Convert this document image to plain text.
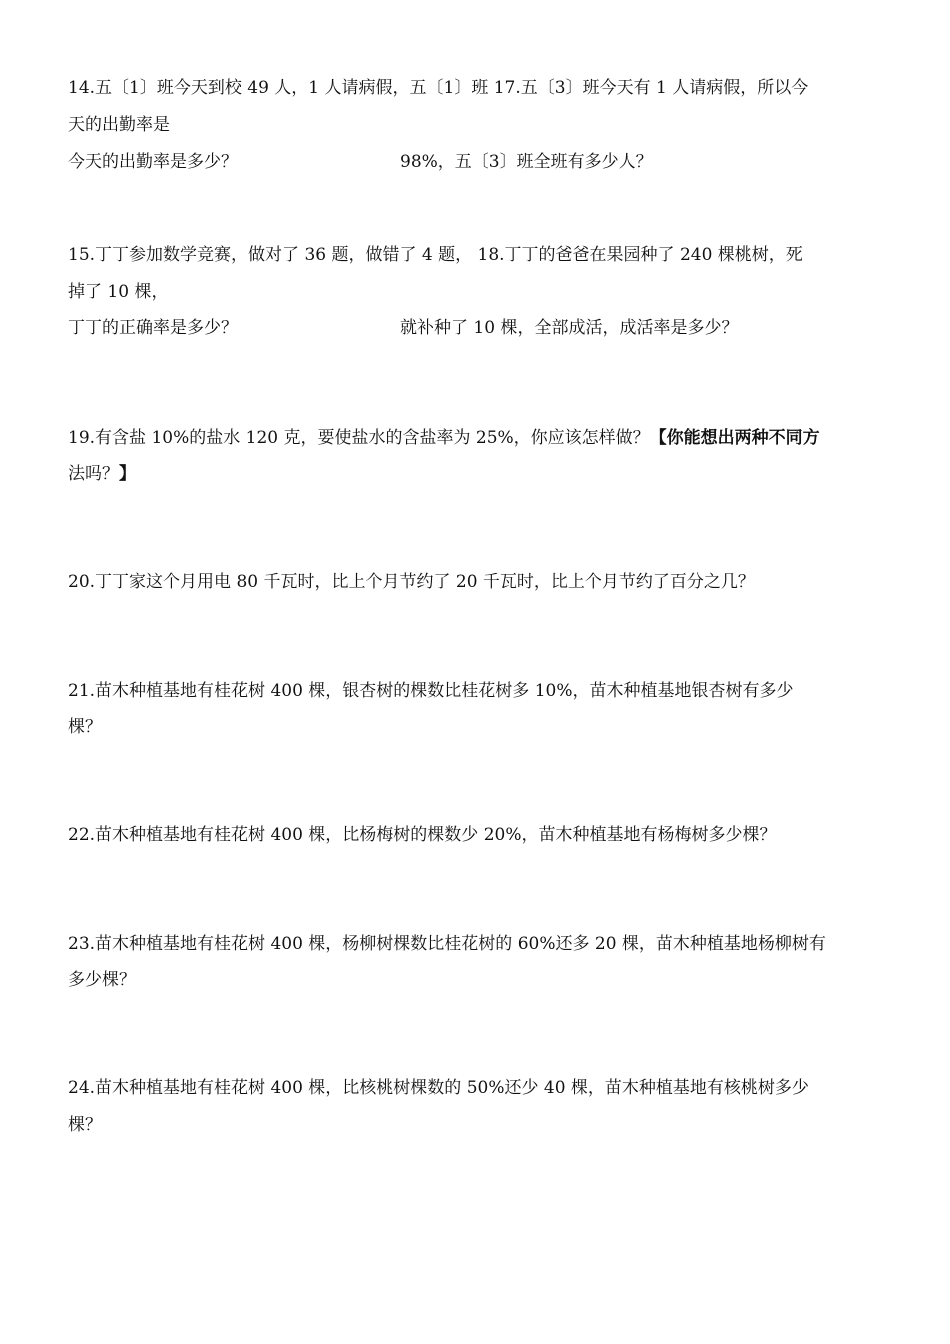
14.五〔1〕班今天到校 49 人，1 人请病假，五〔1〕班 17.五〔3〕班今天有 1 人请病假，所以今
天的出勤率是
今天的出勤率是多少？	98%，五〔3〕班全班有多少人？
15.丁丁参加数学竞赛，做对了 36 题，做错了 4 题， 18.丁丁的爸爸在果园种了 240 棵桃树，死
掉了 10 棵，
丁丁的正确率是多少？	就补种了 10 棵，全部成活，成活率是多少？
19.有含盐 10%的盐水 120 克，要使盐水的含盐率为 25%，你应该怎样做？【你能想出两种不同方
法吗？】
20.丁丁家这个月用电 80 千瓦时，比上个月节约了 20 千瓦时，比上个月节约了百分之几？
21.苗木种植基地有桂花树 400 棵，银杏树的棵数比桂花树多 10%，苗木种植基地银杏树有多少
棵？
22.苗木种植基地有桂花树 400 棵，比杨梅树的棵数少 20%，苗木种植基地有杨梅树多少棵？
23.苗木种植基地有桂花树 400 棵，杨柳树棵数比桂花树的 60%还多 20 棵，苗木种植基地杨柳树有
多少棵？
24.苗木种植基地有桂花树 400 棵，比核桃树棵数的 50%还少 40 棵，苗木种植基地有核桃树多少
棵？
